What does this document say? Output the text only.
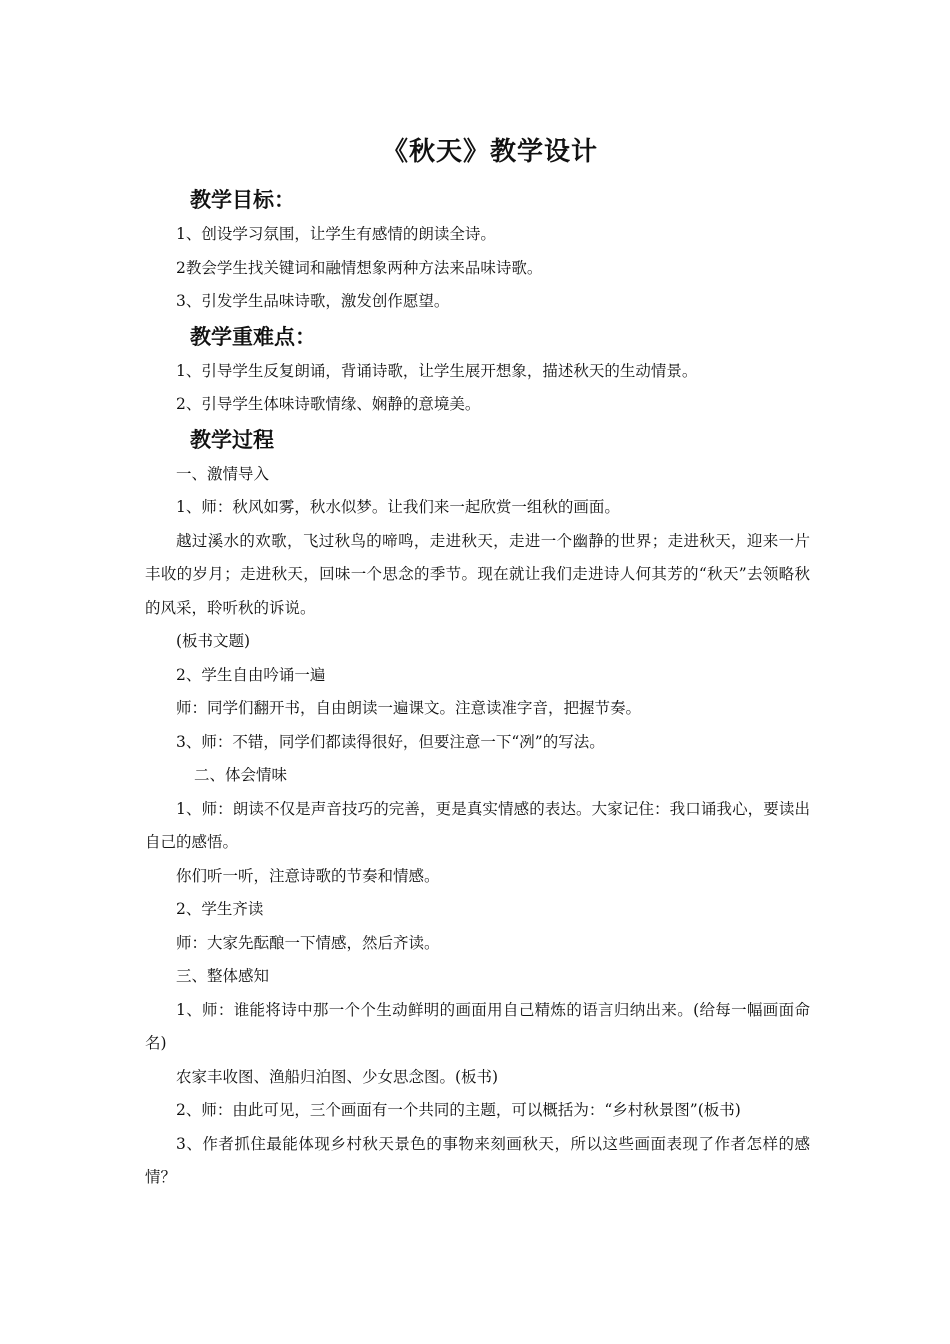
《秋天》教学设计
教学目标：

1、创设学习氛围，让学生有感情的朗读全诗。

2教会学生找关键词和融情想象两种方法来品味诗歌。

3、引发学生品味诗歌，激发创作愿望。

教学重难点：

1、引导学生反复朗诵，背诵诗歌，让学生展开想象，描述秋天的生动情景。

2、引导学生体味诗歌情缘、娴静的意境美。

教学过程

一、激情导入

1、师：秋风如雾，秋水似梦。让我们来一起欣赏一组秋的画面。

越过溪水的欢歌，飞过秋鸟的啼鸣，走进秋天，走进一个幽静的世界；走进秋天，迎来一片丰收的岁月；走进秋天，回味一个思念的季节。现在就让我们走进诗人何其芳的“秋天”去领略秋的风采，聆听秋的诉说。

(板书文题)

2、学生自由吟诵一遍

师：同学们翻开书，自由朗读一遍课文。注意读准字音，把握节奏。

3、师：不错，同学们都读得很好，但要注意一下“冽”的写法。

二、体会情味

1、师：朗读不仅是声音技巧的完善，更是真实情感的表达。大家记住：我口诵我心，要读出自己的感悟。

你们听一听，注意诗歌的节奏和情感。

2、学生齐读

师：大家先酝酿一下情感，然后齐读。

三、整体感知

1、师：谁能将诗中那一个个生动鲜明的画面用自己精炼的语言归纳出来。(给每一幅画面命名)

农家丰收图、渔船归泊图、少女思念图。(板书)

2、师：由此可见，三个画面有一个共同的主题，可以概括为：“乡村秋景图”(板书)

3、作者抓住最能体现乡村秋天景色的事物来刻画秋天，所以这些画面表现了作者怎样的感情？
